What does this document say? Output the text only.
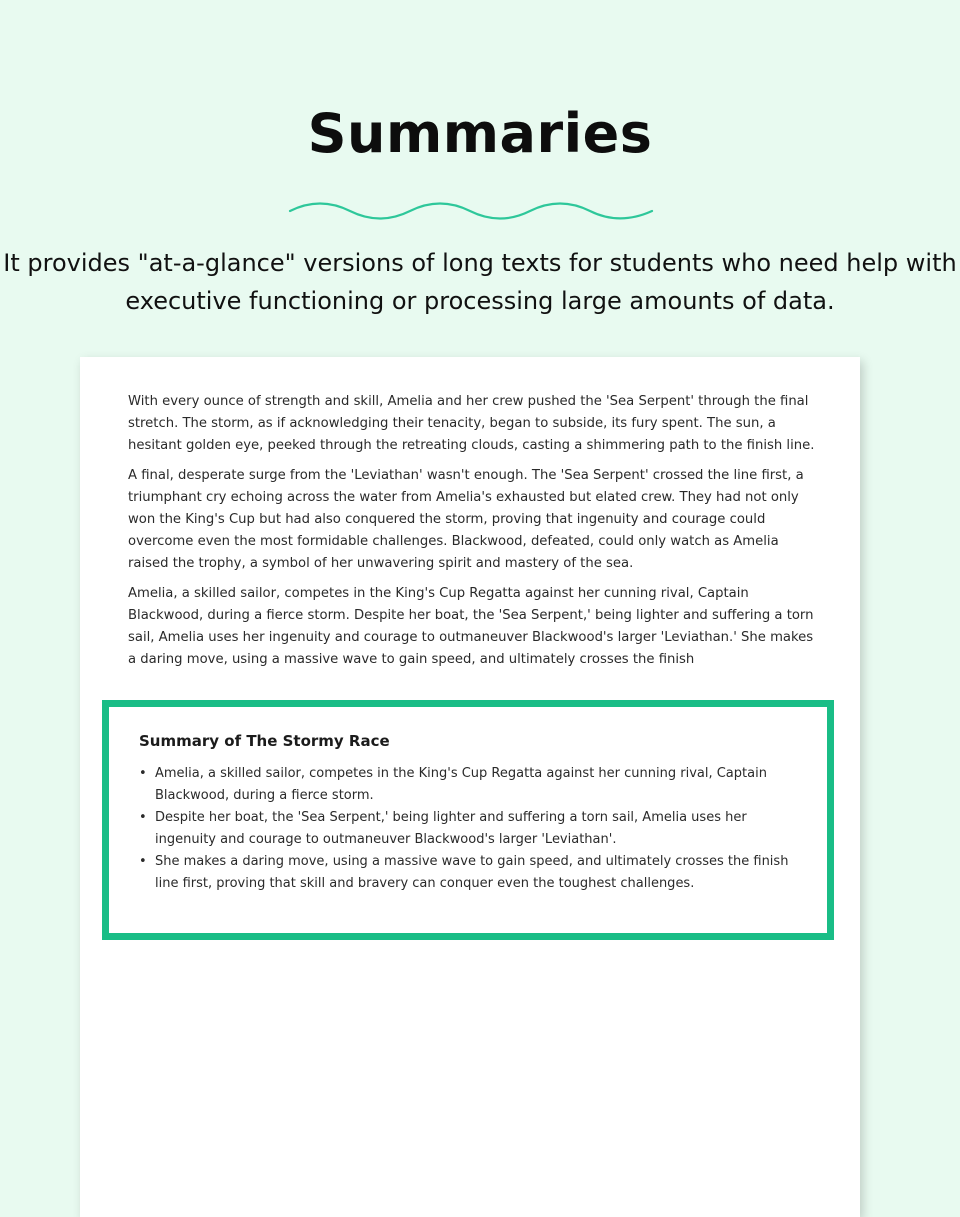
Summaries

It provides "at-a-glance" versions of long texts for students who need help with executive functioning or processing large amounts of data.

With every ounce of strength and skill, Amelia and her crew pushed the 'Sea Serpent' through the final stretch. The storm, as if acknowledging their tenacity, began to subside, its fury spent. The sun, a hesitant golden eye, peeked through the retreating clouds, casting a shimmering path to the finish line.

A final, desperate surge from the 'Leviathan' wasn't enough. The 'Sea Serpent' crossed the line first, a triumphant cry echoing across the water from Amelia's exhausted but elated crew. They had not only won the King's Cup but had also conquered the storm, proving that ingenuity and courage could overcome even the most formidable challenges. Blackwood, defeated, could only watch as Amelia raised the trophy, a symbol of her unwavering spirit and mastery of the sea.

Amelia, a skilled sailor, competes in the King's Cup Regatta against her cunning rival, Captain Blackwood, during a fierce storm. Despite her boat, the 'Sea Serpent,' being lighter and suffering a torn sail, Amelia uses her ingenuity and courage to outmaneuver Blackwood's larger 'Leviathan.' She makes a daring move, using a massive wave to gain speed, and ultimately crosses the finish

Summary of The Stormy Race
• Amelia, a skilled sailor, competes in the King's Cup Regatta against her cunning rival, Captain Blackwood, during a fierce storm.
• Despite her boat, the 'Sea Serpent,' being lighter and suffering a torn sail, Amelia uses her ingenuity and courage to outmaneuver Blackwood's larger 'Leviathan'.
• She makes a daring move, using a massive wave to gain speed, and ultimately crosses the finish line first, proving that skill and bravery can conquer even the toughest challenges.
